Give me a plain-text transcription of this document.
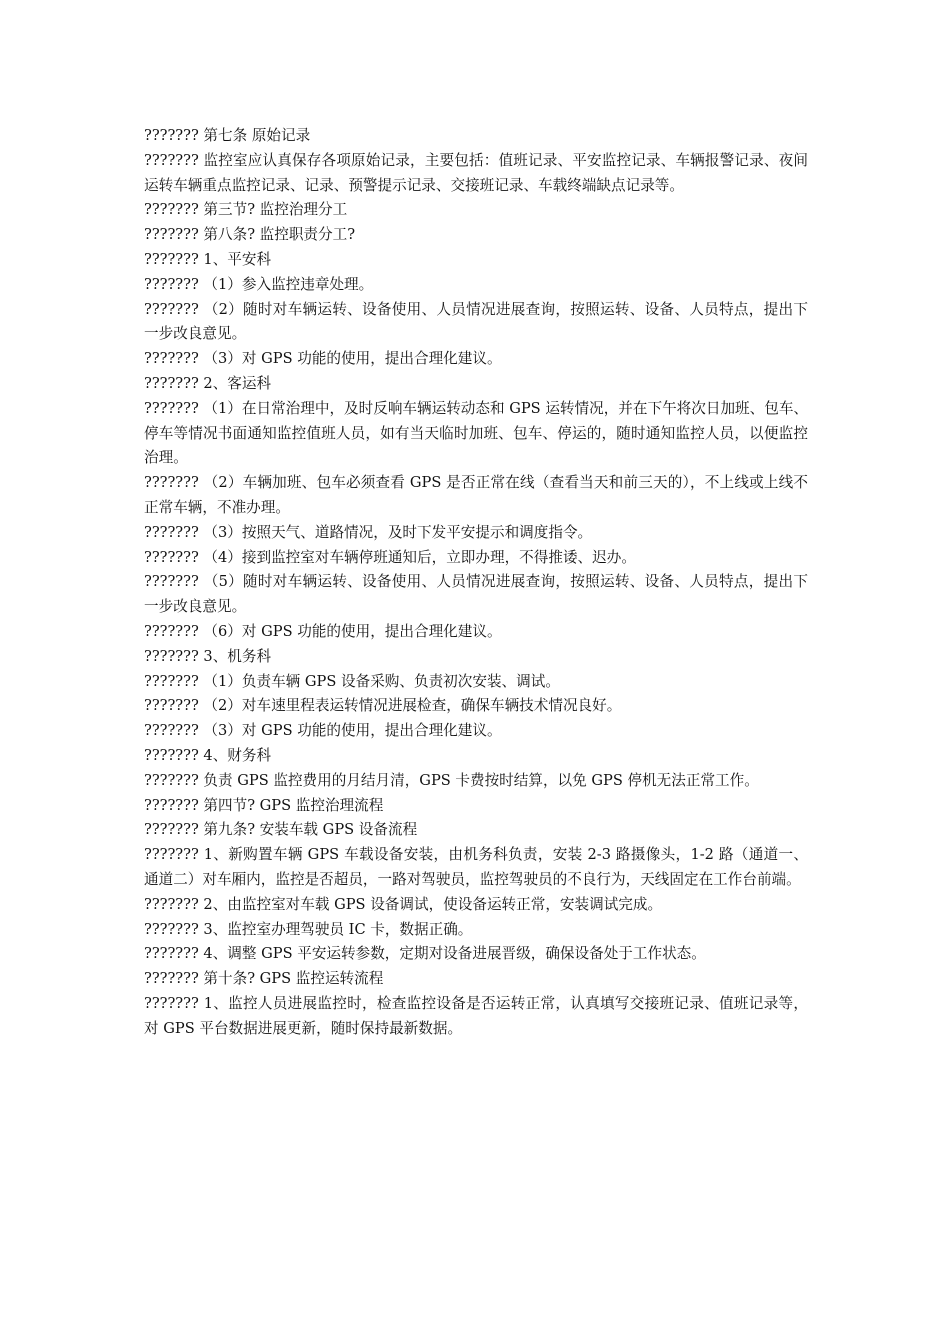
??????? 第七条 原始记录

??????? 监控室应认真保存各项原始记录，主要包括：值班记录、平安监控记录、车辆报警记录、夜间运转车辆重点监控记录、记录、预警提示记录、交接班记录、车载终端缺点记录等。

??????? 第三节? 监控治理分工

??????? 第八条? 监控职责分工?

??????? 1、平安科

??????? （1）参入监控违章处理。

??????? （2）随时对车辆运转、设备使用、人员情况进展查询，按照运转、设备、人员特点，提出下一步改良意见。

??????? （3）对 GPS 功能的使用，提出合理化建议。

??????? 2、客运科

??????? （1）在日常治理中，及时反响车辆运转动态和 GPS 运转情况，并在下午将次日加班、包车、停车等情况书面通知监控值班人员，如有当天临时加班、包车、停运的，随时通知监控人员，以便监控治理。

??????? （2）车辆加班、包车必须查看 GPS 是否正常在线（查看当天和前三天的），不上线或上线不正常车辆，不准办理。

??????? （3）按照天气、道路情况，及时下发平安提示和调度指令。

??????? （4）接到监控室对车辆停班通知后，立即办理，不得推诿、迟办。

??????? （5）随时对车辆运转、设备使用、人员情况进展查询，按照运转、设备、人员特点，提出下一步改良意见。

??????? （6）对 GPS 功能的使用，提出合理化建议。

??????? 3、机务科

??????? （1）负责车辆 GPS 设备采购、负责初次安装、调试。

??????? （2）对车速里程表运转情况进展检查，确保车辆技术情况良好。

??????? （3）对 GPS 功能的使用，提出合理化建议。

??????? 4、财务科

??????? 负责 GPS 监控费用的月结月清，GPS 卡费按时结算，以免 GPS 停机无法正常工作。

??????? 第四节? GPS 监控治理流程

??????? 第九条? 安装车载 GPS 设备流程

??????? 1、新购置车辆 GPS 车载设备安装，由机务科负责，安装 2-3 路摄像头，1-2 路（通道一、通道二）对车厢内，监控是否超员，一路对驾驶员，监控驾驶员的不良行为，天线固定在工作台前端。

??????? 2、由监控室对车载 GPS 设备调试，使设备运转正常，安装调试完成。

??????? 3、监控室办理驾驶员 IC 卡，数据正确。

??????? 4、调整 GPS 平安运转参数，定期对设备进展晋级，确保设备处于工作状态。

??????? 第十条? GPS 监控运转流程

??????? 1、监控人员进展监控时，检查监控设备是否运转正常，认真填写交接班记录、值班记录等，对 GPS 平台数据进展更新，随时保持最新数据。
